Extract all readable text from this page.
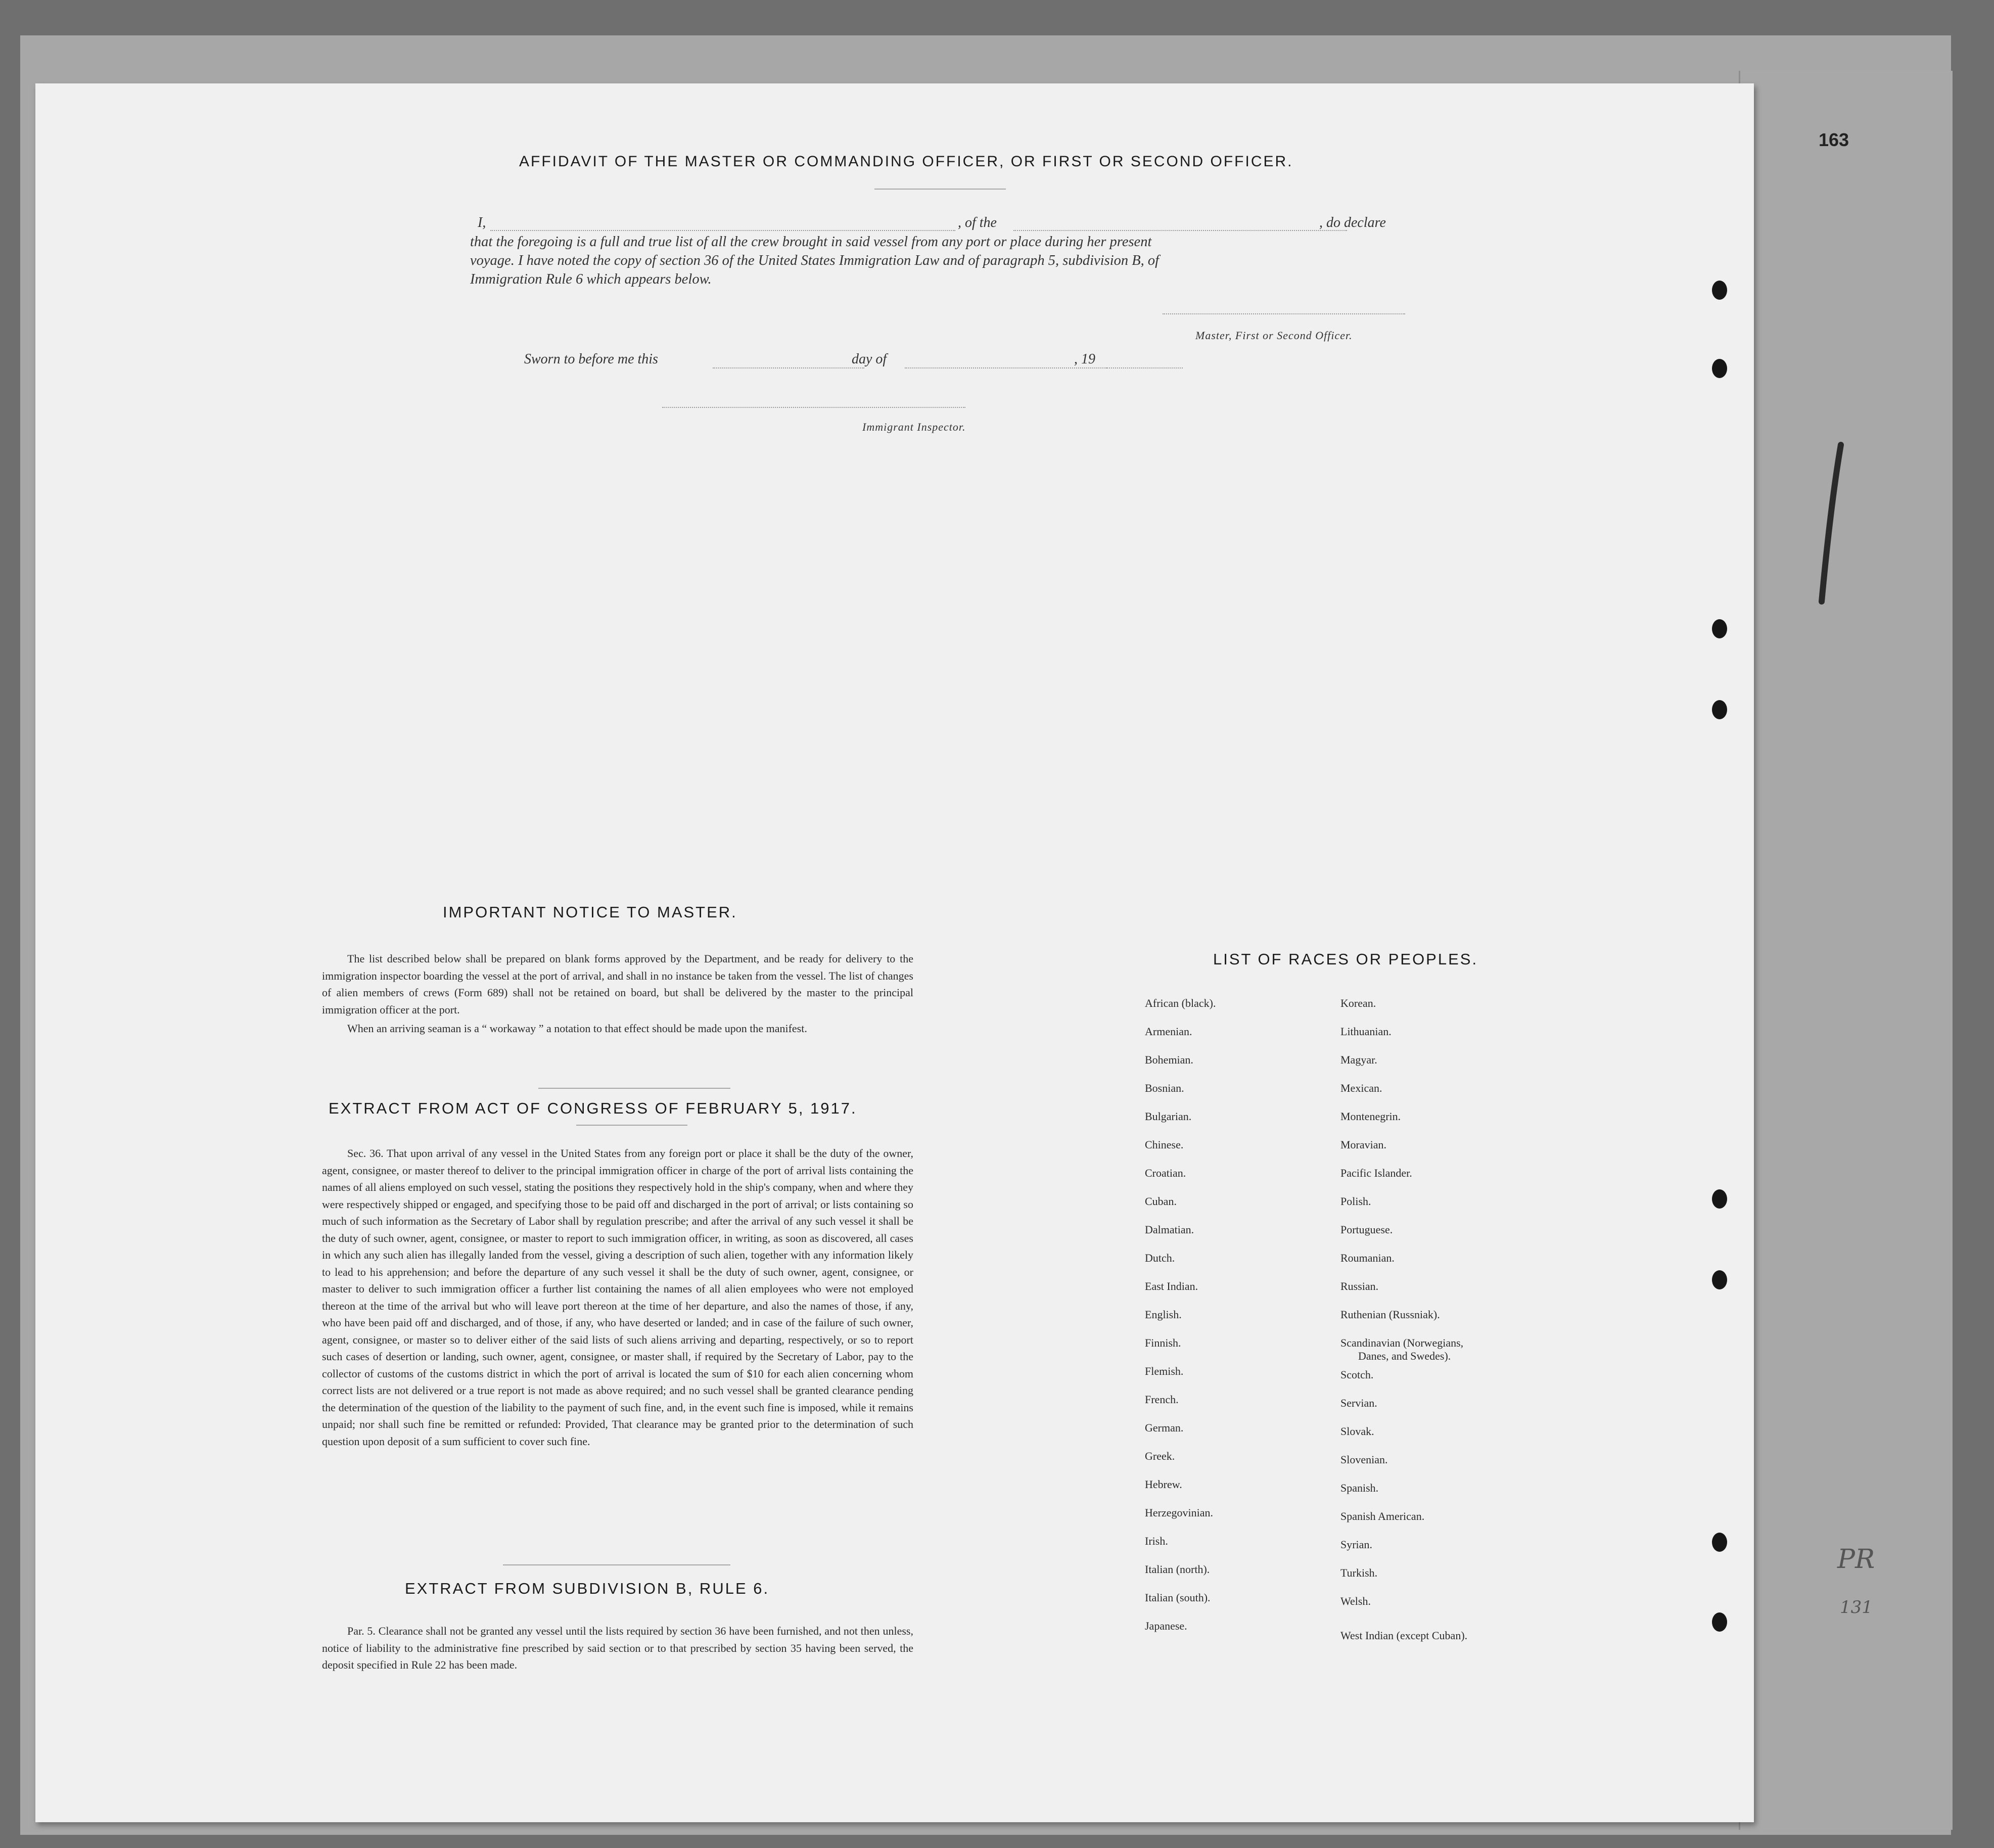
163
AFFIDAVIT OF THE MASTER OR COMMANDING OFFICER, OR FIRST OR SECOND OFFICER.
I,	, of the	, do declare
that the foregoing is a full and true list of all the crew brought in said vessel from any port or place during her present
voyage. I have noted the copy of section 36 of the United States Immigration Law and of paragraph 5, subdivision B, of
Immigration Rule 6 which appears below.
Master, First or Second Officer.
Sworn to before me this	day of	, 19
Immigrant Inspector.
IMPORTANT NOTICE TO MASTER.

The list described below shall be prepared on blank forms approved by the Department, and be ready for delivery to the immigration inspector boarding the vessel at the port of arrival, and shall in no instance be taken from the vessel. The list of changes of alien members of crews (Form 689) shall not be retained on board, but shall be delivered by the master to the principal immigration officer at the port.

When an arriving seaman is a “ workaway ” a notation to that effect should be made upon the manifest.

EXTRACT FROM ACT OF CONGRESS OF FEBRUARY 5, 1917.

Sec. 36. That upon arrival of any vessel in the United States from any foreign port or place it shall be the duty of the owner, agent, consignee, or master thereof to deliver to the principal immigration officer in charge of the port of arrival lists containing the names of all aliens employed on such vessel, stating the positions they respectively hold in the ship's company, when and where they were respectively shipped or engaged, and specifying those to be paid off and discharged in the port of arrival; or lists containing so much of such information as the Secretary of Labor shall by regulation prescribe; and after the arrival of any such vessel it shall be the duty of such owner, agent, consignee, or master to report to such immigration officer, in writing, as soon as discovered, all cases in which any such alien has illegally landed from the vessel, giving a description of such alien, together with any information likely to lead to his apprehension; and before the departure of any such vessel it shall be the duty of such owner, agent, consignee, or master to deliver to such immigration officer a further list containing the names of all alien employees who were not employed thereon at the time of the arrival but who will leave port thereon at the time of her departure, and also the names of those, if any, who have been paid off and discharged, and of those, if any, who have deserted or landed; and in case of the failure of such owner, agent, consignee, or master so to deliver either of the said lists of such aliens arriving and departing, respectively, or so to report such cases of desertion or landing, such owner, agent, consignee, or master shall, if required by the Secretary of Labor, pay to the collector of customs of the customs district in which the port of arrival is located the sum of $10 for each alien concerning whom correct lists are not delivered or a true report is not made as above required; and no such vessel shall be granted clearance pending the determination of the question of the liability to the payment of such fine, and, in the event such fine is imposed, while it remains unpaid; nor shall such fine be remitted or refunded: Provided, That clearance may be granted prior to the determination of such question upon deposit of a sum sufficient to cover such fine.

EXTRACT FROM SUBDIVISION B, RULE 6.

Par. 5. Clearance shall not be granted any vessel until the lists required by section 36 have been furnished, and not then unless, notice of liability to the administrative fine prescribed by said section or to that prescribed by section 35 having been served, the deposit specified in Rule 22 has been made.

LIST OF RACES OR PEOPLES.
African (black).
Armenian.
Bohemian.
Bosnian.
Bulgarian.
Chinese.
Croatian.
Cuban.
Dalmatian.
Dutch.
East Indian.
English.
Finnish.
Flemish.
French.
German.
Greek.
Hebrew.
Herzegovinian.
Irish.
Italian (north).
Italian (south).
Japanese.
Korean.
Lithuanian.
Magyar.
Mexican.
Montenegrin.
Moravian.
Pacific Islander.
Polish.
Portuguese.
Roumanian.
Russian.
Ruthenian (Russniak).
Scandinavian (Norwegians,
Danes, and Swedes).
Scotch.
Servian.
Slovak.
Slovenian.
Spanish.
Spanish American.
Syrian.
Turkish.
Welsh.
West Indian (except Cuban).
PR
131
